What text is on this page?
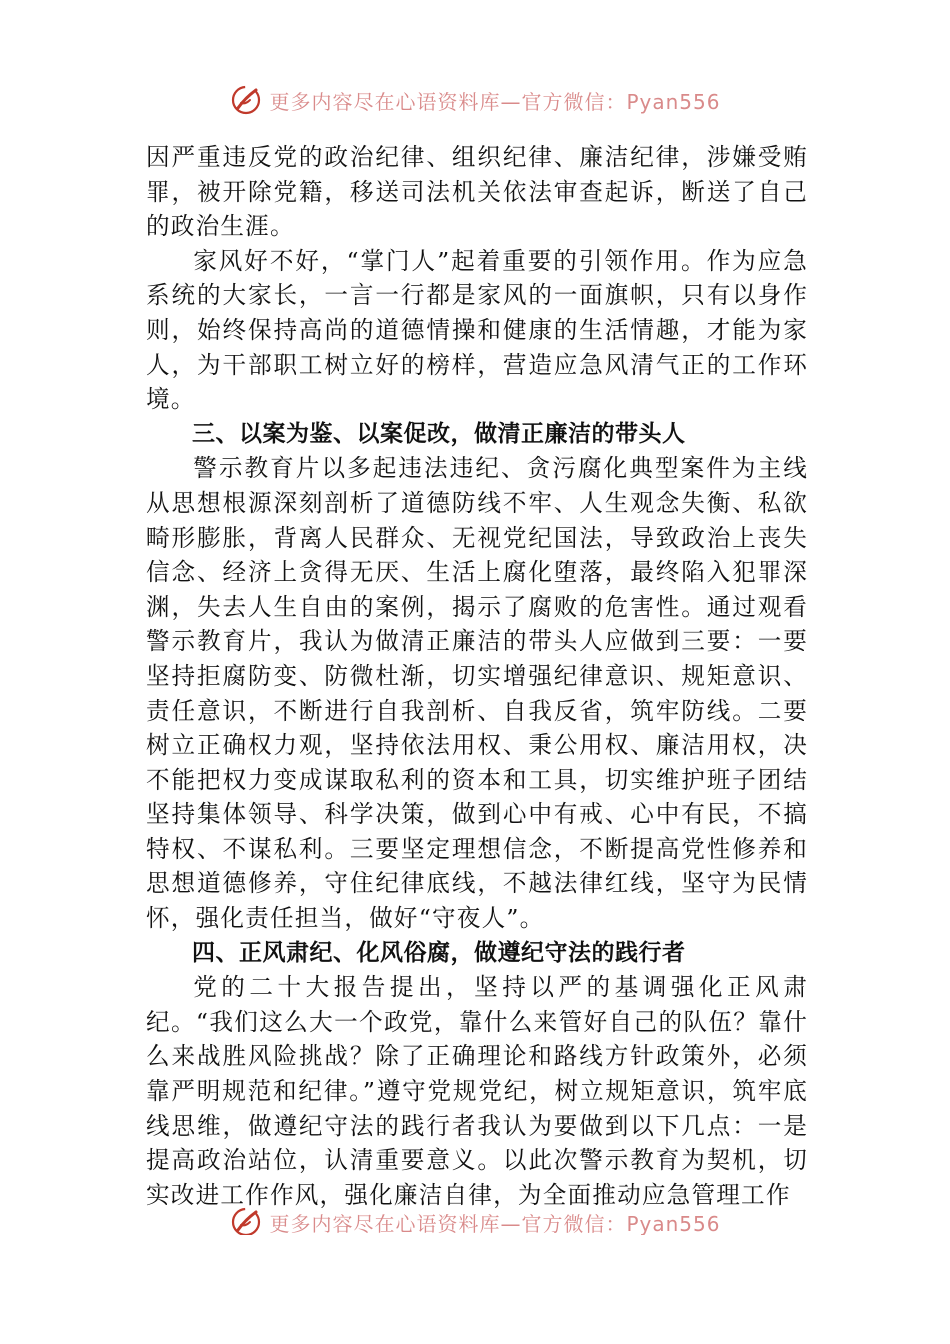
更多内容尽在心语资料库—官方微信：Pyan556

因严重违反党的政治纪律、组织纪律、廉洁纪律，涉嫌受贿罪，被开除党籍，移送司法机关依法审查起诉，断送了自己的政治生涯。

家风好不好，“掌门人”起着重要的引领作用。作为应急系统的大家长，一言一行都是家风的一面旗帜，只有以身作则，始终保持高尚的道德情操和健康的生活情趣，才能为家人，为干部职工树立好的榜样，营造应急风清气正的工作环境。

三、以案为鉴、以案促改，做清正廉洁的带头人

警示教育片以多起违法违纪、贪污腐化典型案件为主线从思想根源深刻剖析了道德防线不牢、人生观念失衡、私欲畸形膨胀，背离人民群众、无视党纪国法，导致政治上丧失信念、经济上贪得无厌、生活上腐化堕落，最终陷入犯罪深渊，失去人生自由的案例，揭示了腐败的危害性。通过观看警示教育片，我认为做清正廉洁的带头人应做到三要：一要坚持拒腐防变、防微杜渐，切实增强纪律意识、规矩意识、责任意识，不断进行自我剖析、自我反省，筑牢防线。二要树立正确权力观，坚持依法用权、秉公用权、廉洁用权，决不能把权力变成谋取私利的资本和工具，切实维护班子团结坚持集体领导、科学决策，做到心中有戒、心中有民，不搞特权、不谋私利。三要坚定理想信念，不断提高党性修养和思想道德修养，守住纪律底线，不越法律红线，坚守为民情怀，强化责任担当，做好“守夜人”。

四、正风肃纪、化风俗腐，做遵纪守法的践行者

党的二十大报告提出，坚持以严的基调强化正风肃纪。“我们这么大一个政党，靠什么来管好自己的队伍？靠什么来战胜风险挑战？除了正确理论和路线方针政策外，必须靠严明规范和纪律。”遵守党规党纪，树立规矩意识，筑牢底线思维，做遵纪守法的践行者我认为要做到以下几点：一是提高政治站位，认清重要意义。以此次警示教育为契机，切实改进工作作风，强化廉洁自律，为全面推动应急管理工作

更多内容尽在心语资料库—官方微信：Pyan556
